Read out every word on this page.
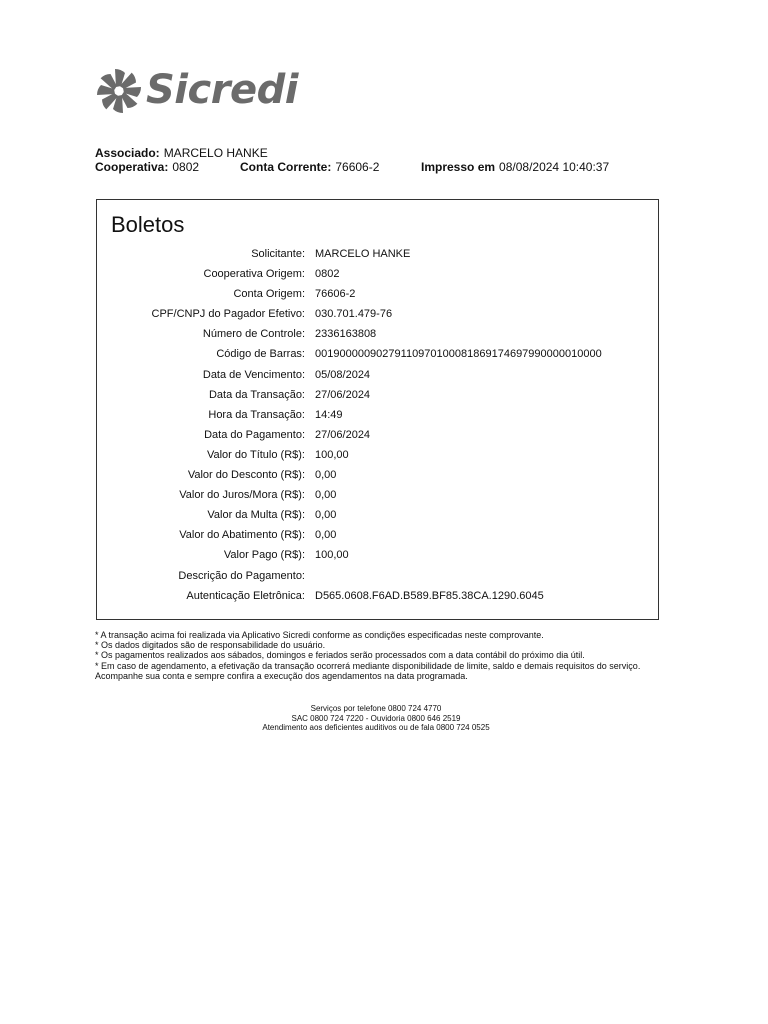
Sicredi
Associado: MARCELO HANKE
Cooperativa: 0802	Conta Corrente: 76606-2	Impresso em 08/08/2024 10:40:37
Boletos
Solicitante: MARCELO HANKE
Cooperativa Origem: 0802
Conta Origem: 76606-2
CPF/CNPJ do Pagador Efetivo: 030.701.479-76
Número de Controle: 2336163808
Código de Barras: 00190000090279110970100081869174697990000010000
Data de Vencimento: 05/08/2024
Data da Transação: 27/06/2024
Hora da Transação: 14:49
Data do Pagamento: 27/06/2024
Valor do Título (R$): 100,00
Valor do Desconto (R$): 0,00
Valor do Juros/Mora (R$): 0,00
Valor da Multa (R$): 0,00
Valor do Abatimento (R$): 0,00
Valor Pago (R$): 100,00
Descrição do Pagamento:
Autenticação Eletrônica: D565.0608.F6AD.B589.BF85.38CA.1290.6045
* A transação acima foi realizada via Aplicativo Sicredi conforme as condições especificadas neste comprovante.
* Os dados digitados são de responsabilidade do usuário.
* Os pagamentos realizados aos sábados, domingos e feriados serão processados com a data contábil do próximo dia útil.
* Em caso de agendamento, a efetivação da transação ocorrerá mediante disponibilidade de limite, saldo e demais requisitos do serviço. Acompanhe sua conta e sempre confira a execução dos agendamentos na data programada.
Serviços por telefone 0800 724 4770
SAC 0800 724 7220 - Ouvidoria 0800 646 2519
Atendimento aos deficientes auditivos ou de fala 0800 724 0525
